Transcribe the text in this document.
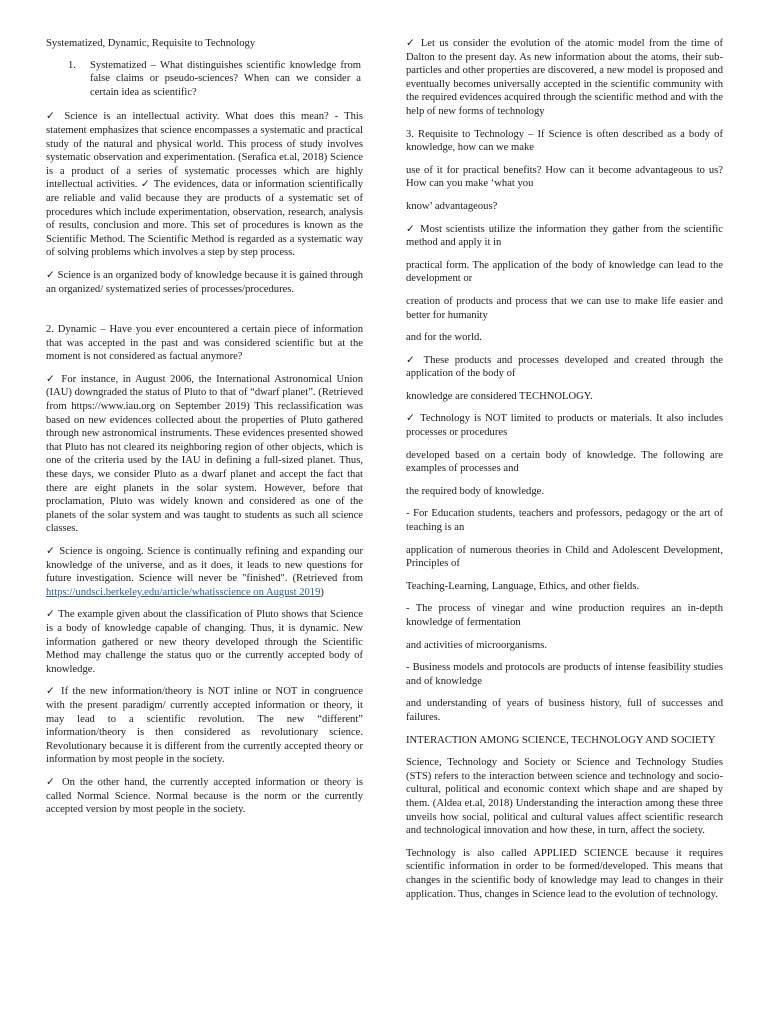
Systematized, Dynamic, Requisite to Technology

1.	Systematized – What distinguishes scientific knowledge from false claims or pseudo-sciences? When can we consider a certain idea as scientific?

✓ Science is an intellectual activity. What does this mean? - This statement emphasizes that science encompasses a systematic and practical study of the natural and physical world. This process of study involves systematic observation and experimentation. (Serafica et.al, 2018) Science is a product of a series of systematic processes which are highly intellectual activities. ✓ The evidences, data or information scientifically are reliable and valid because they are products of a systematic set of procedures which include experimentation, observation, research, analysis of results, conclusion and more. This set of procedures is known as the Scientific Method. The Scientific Method is regarded as a systematic way of solving problems which involves a step by step process.

✓ Science is an organized body of knowledge because it is gained through an organized/ systematized series of processes/procedures.

2. Dynamic – Have you ever encountered a certain piece of information that was accepted in the past and was considered scientific but at the moment is not considered as factual anymore?

✓ For instance, in August 2006, the International Astronomical Union (IAU) downgraded the status of Pluto to that of “dwarf planet”. (Retrieved from https://www.iau.org on September 2019) This reclassification was based on new evidences collected about the properties of Pluto gathered through new astronomical instruments. These evidences presented showed that Pluto has not cleared its neighboring region of other objects, which is one of the criteria used by the IAU in defining a full-sized planet. Thus, these days, we consider Pluto as a dwarf planet and accept the fact that there are eight planets in the solar system. However, before that proclamation, Pluto was widely known and considered as one of the planets of the solar system and was taught to students as such all science classes.

✓ Science is ongoing. Science is continually refining and expanding our knowledge of the universe, and as it does, it leads to new questions for future investigation. Science will never be "finished". (Retrieved from https://undsci.berkeley.edu/article/whatisscience on August 2019)

✓ The example given about the classification of Pluto shows that Science is a body of knowledge capable of changing. Thus, it is dynamic. New information gathered or new theory developed through the Scientific Method may challenge the status quo or the currently accepted body of knowledge.

✓ If the new information/theory is NOT inline or NOT in congruence with the present paradigm/ currently accepted information or theory, it may lead to a scientific revolution. The new “different” information/theory is then considered as revolutionary science. Revolutionary because it is different from the currently accepted theory or information by most people in the society.

✓ On the other hand, the currently accepted information or theory is called Normal Science. Normal because is the norm or the currently accepted version by most people in the society.

✓ Let us consider the evolution of the atomic model from the time of Dalton to the present day. As new information about the atoms, their sub-particles and other properties are discovered, a new model is proposed and eventually becomes universally accepted in the scientific community with the required evidences acquired through the scientific method and with the help of new forms of technology

3. Requisite to Technology – If Science is often described as a body of knowledge, how can we make

use of it for practical benefits? How can it become advantageous to us? How can you make ‘what you

know’ advantageous?

✓ Most scientists utilize the information they gather from the scientific method and apply it in

practical form. The application of the body of knowledge can lead to the development or

creation of products and process that we can use to make life easier and better for humanity

and for the world.

✓ These products and processes developed and created through the application of the body of

knowledge are considered TECHNOLOGY.

✓ Technology is NOT limited to products or materials. It also includes processes or procedures

developed based on a certain body of knowledge. The following are examples of processes and

the required body of knowledge.

- For Education students, teachers and professors, pedagogy or the art of teaching is an

application of numerous theories in Child and Adolescent Development, Principles of

Teaching-Learning, Language, Ethics, and other fields.

- The process of vinegar and wine production requires an in-depth knowledge of fermentation

and activities of microorganisms.

- Business models and protocols are products of intense feasibility studies and of knowledge

and understanding of years of business history, full of successes and failures.

INTERACTION AMONG SCIENCE, TECHNOLOGY AND SOCIETY

Science, Technology and Society or Science and Technology Studies (STS) refers to the interaction between science and technology and socio-cultural, political and economic context which shape and are shaped by them. (Aldea et.al, 2018) Understanding the interaction among these three unveils how social, political and cultural values affect scientific research and technological innovation and how these, in turn, affect the society.

Technology is also called APPLIED SCIENCE because it requires scientific information in order to be formed/developed. This means that changes in the scientific body of knowledge may lead to changes in their application. Thus, changes in Science lead to the evolution of technology.
